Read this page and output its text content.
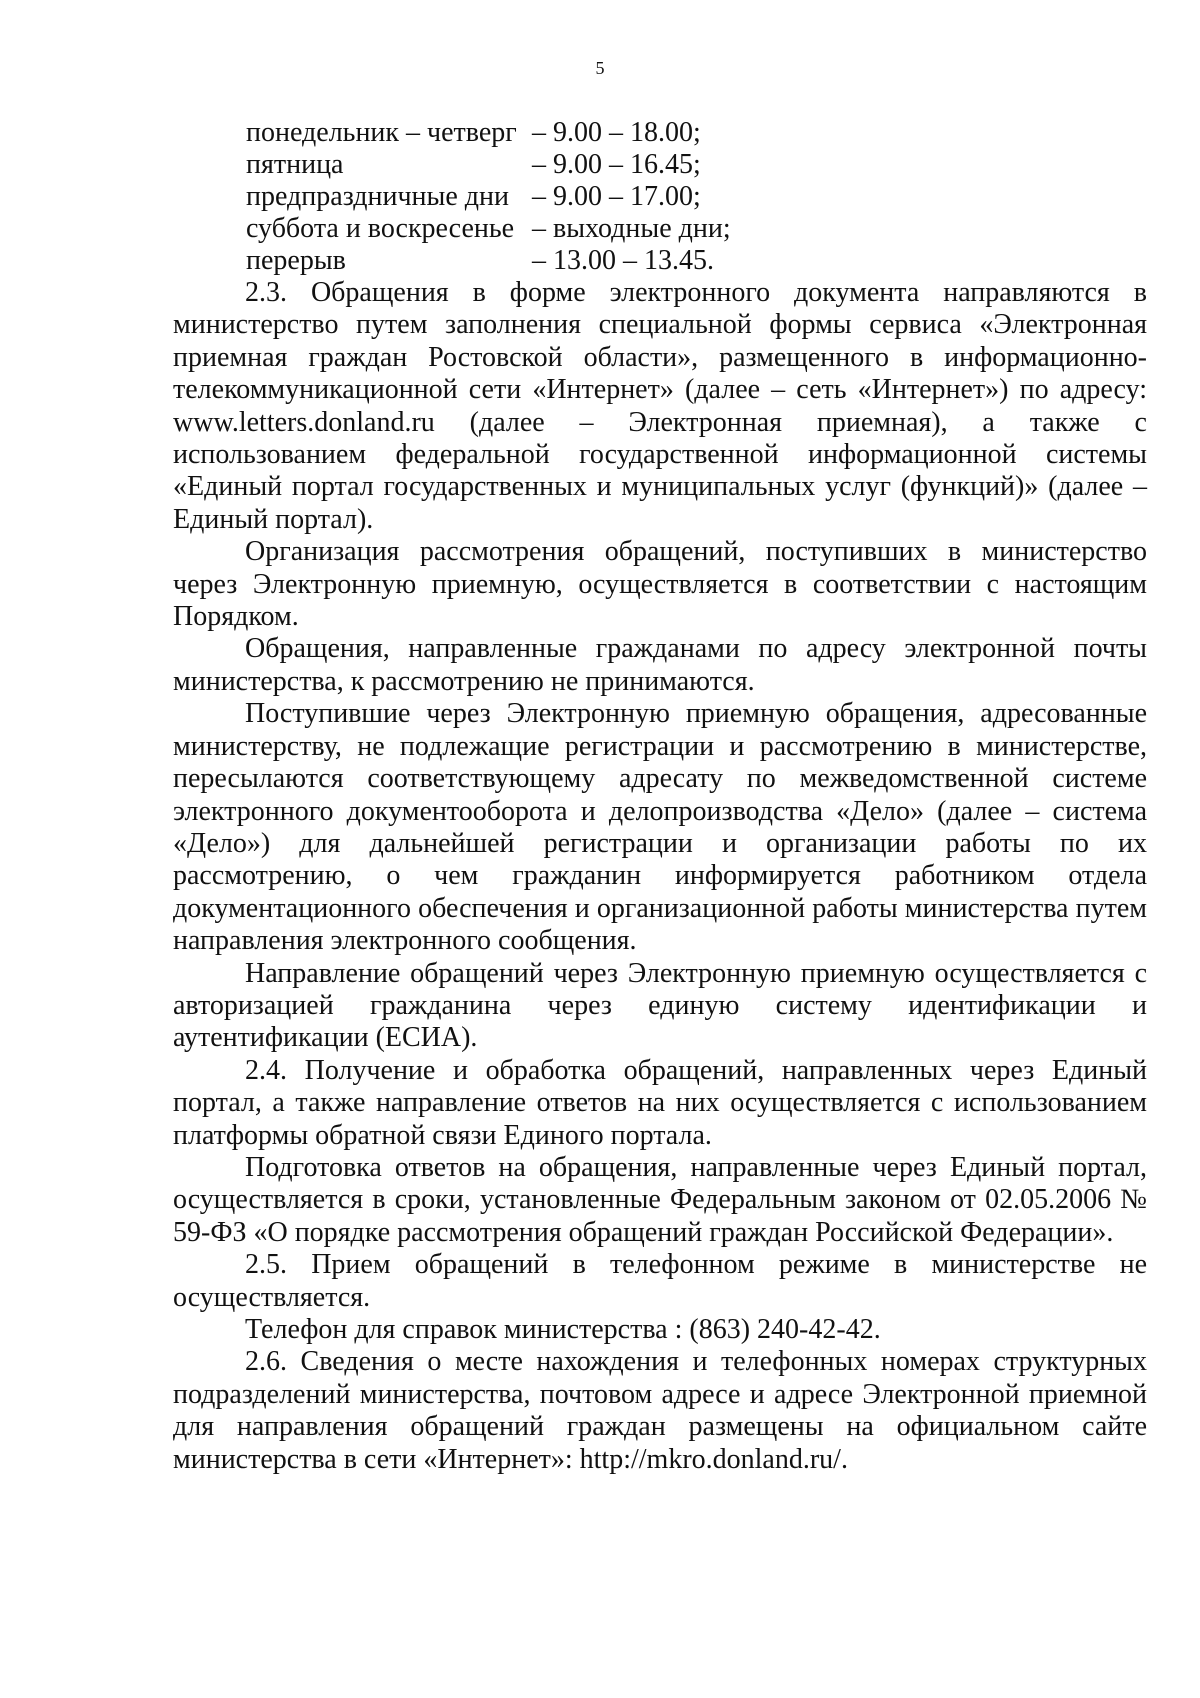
5
понедельник – четверг – 9.00 – 18.00;
пятница	– 9.00 – 16.45;
предпраздничные дни – 9.00 – 17.00;
суббота и воскресенье – выходные дни;
перерыв	– 13.00 – 13.45.

2.3. Обращения в форме электронного документа направляются в министерство путем заполнения специальной формы сервиса «Электронная приемная граждан Ростовской области», размещенного в информационно-телекоммуникационной сети «Интернет» (далее – сеть «Интернет») по адресу: www.letters.donland.ru (далее – Электронная приемная), а также с использованием федеральной государственной информационной системы «Единый портал государственных и муниципальных услуг (функций)» (далее – Единый портал).

Организация рассмотрения обращений, поступивших в министерство через Электронную приемную, осуществляется в соответствии с настоящим Порядком.

Обращения, направленные гражданами по адресу электронной почты министерства, к рассмотрению не принимаются.

Поступившие через Электронную приемную обращения, адресованные министерству, не подлежащие регистрации и рассмотрению в министерстве, пересылаются соответствующему адресату по межведомственной системе электронного документооборота и делопроизводства «Дело» (далее – система «Дело») для дальнейшей регистрации и организации работы по их рассмотрению, о чем гражданин информируется работником отдела документационного обеспечения и организационной работы министерства путем направления электронного сообщения.

Направление обращений через Электронную приемную осуществляется с авторизацией гражданина через единую систему идентификации и аутентификации (ЕСИА).

2.4. Получение и обработка обращений, направленных через Единый портал, а также направление ответов на них осуществляется с использованием платформы обратной связи Единого портала.

Подготовка ответов на обращения, направленные через Единый портал, осуществляется в сроки, установленные Федеральным законом от 02.05.2006 № 59-ФЗ «О порядке рассмотрения обращений граждан Российской Федерации».

2.5. Прием обращений в телефонном режиме в министерстве не осуществляется.

Телефон для справок министерства : (863) 240-42-42.

2.6. Сведения о месте нахождения и телефонных номерах структурных подразделений министерства, почтовом адресе и адресе Электронной приемной для направления обращений граждан размещены на официальном сайте министерства в сети «Интернет»: http://mkro.donland.ru/.
